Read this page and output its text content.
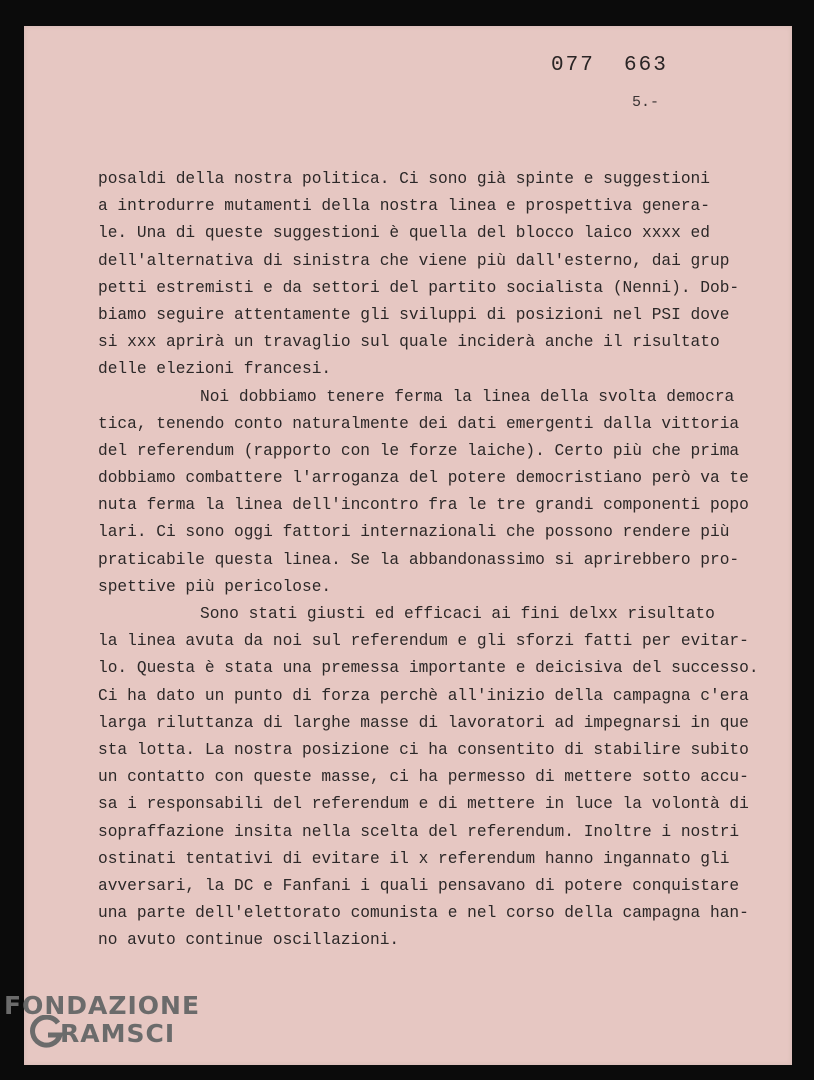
077  663
5.-
posaldi della nostra politica. Ci sono già spinte e suggestioni
a introdurre mutamenti della nostra linea e prospettiva genera-
le. Una di queste suggestioni è quella del blocco laico xxxx ed
dell'alternativa di sinistra che viene più dall'esterno, dai grup
petti estremisti e da settori del partito socialista (Nenni). Dob-
biamo seguire attentamente gli sviluppi di posizioni nel PSI dove
si xxx aprirà un travaglio sul quale inciderà anche il risultato
delle elezioni francesi.
Noi dobbiamo tenere ferma la linea della svolta democra
tica, tenendo conto naturalmente dei dati emergenti dalla vittoria
del referendum (rapporto con le forze laiche). Certo più che prima
dobbiamo combattere l'arroganza del potere democristiano però va te
nuta ferma la linea dell'incontro fra le tre grandi componenti popo
lari. Ci sono oggi fattori internazionali che possono rendere più
praticabile questa linea. Se la abbandonassimo si aprirebbero pro-
spettive più pericolose.
Sono stati giusti ed efficaci ai fini delxx risultato
la linea avuta da noi sul referendum e gli sforzi fatti per evitar-
lo. Questa è stata una premessa importante e deicisiva del successo.
Ci ha dato un punto di forza perchè all'inizio della campagna c'era
larga riluttanza di larghe masse di lavoratori ad impegnarsi in que
sta lotta. La nostra posizione ci ha consentito di stabilire subito
un contatto con queste masse, ci ha permesso di mettere sotto accu-
sa i responsabili del referendum e di mettere in luce la volontà di
sopraffazione insita nella scelta del referendum. Inoltre i nostri
ostinati tentativi di evitare il x referendum hanno ingannato gli
avversari, la DC e Fanfani i quali pensavano di potere conquistare
una parte dell'elettorato comunista e nel corso della campagna han-
no avuto continue oscillazioni.
FONDAZIONE
RAMSCI
